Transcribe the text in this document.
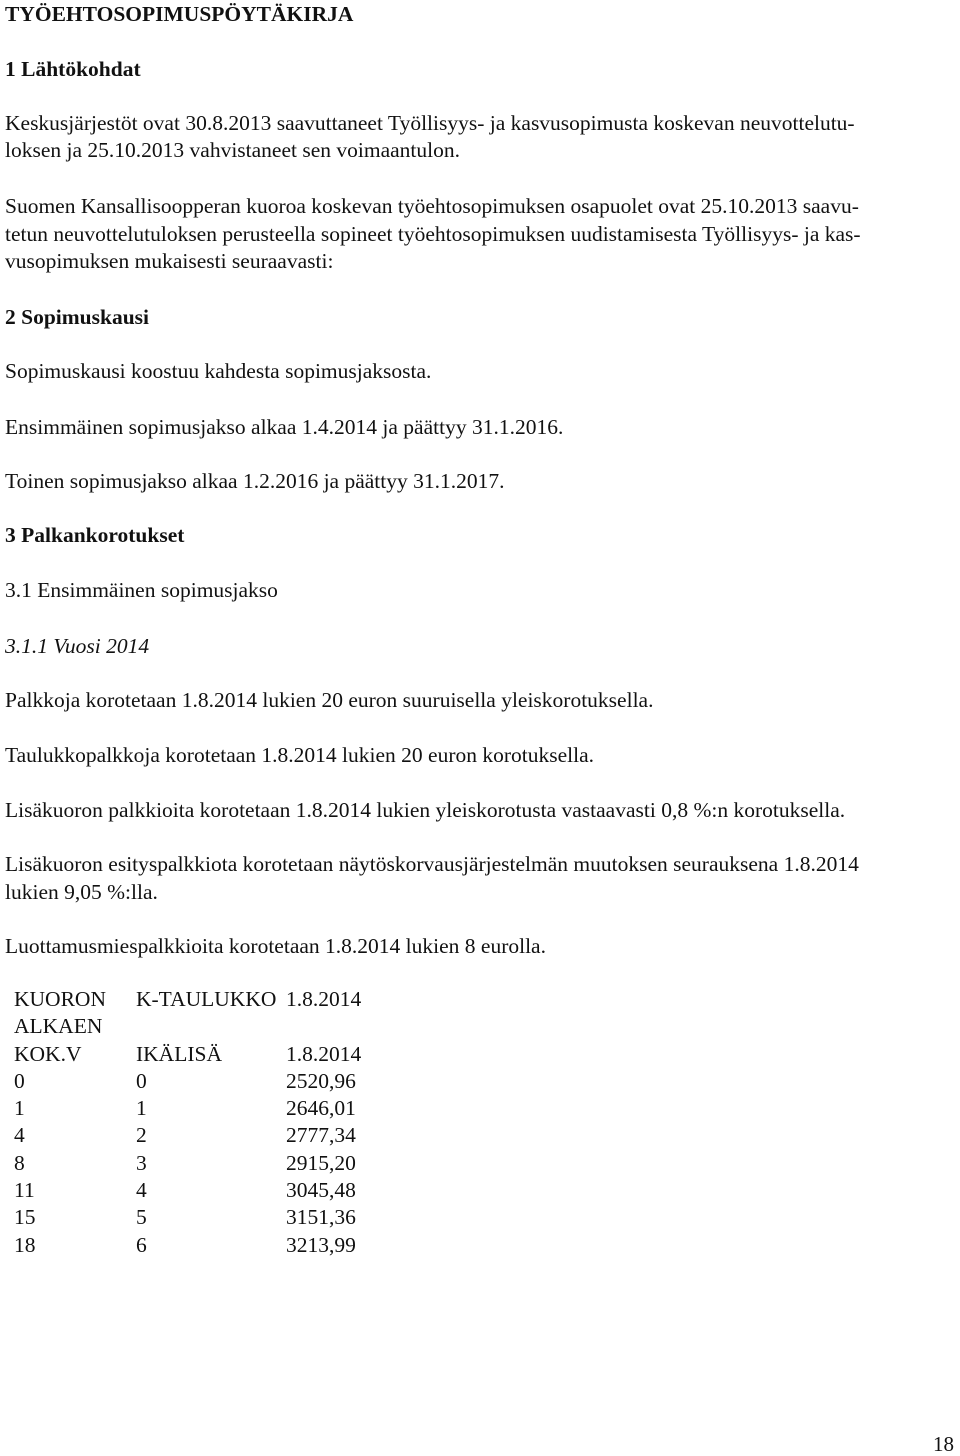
TYÖEHTOSOPIMUSPÖYTÄKIRJA
1 Lähtökohdat

Keskusjärjestöt ovat 30.8.2013 saavuttaneet Työllisyys- ja kasvusopimusta koskevan neuvottelutu-

loksen ja 25.10.2013 vahvistaneet sen voimaantulon.

Suomen Kansallisoopperan kuoroa koskevan työehtosopimuksen osapuolet ovat 25.10.2013 saavu-

tetun neuvottelutuloksen perusteella sopineet työehtosopimuksen uudistamisesta Työllisyys- ja kas-

vusopimuksen mukaisesti seuraavasti:

2 Sopimuskausi

Sopimuskausi koostuu kahdesta sopimusjaksosta.

Ensimmäinen sopimusjakso alkaa 1.4.2014 ja päättyy 31.1.2016.

Toinen sopimusjakso alkaa 1.2.2016 ja päättyy 31.1.2017.

3 Palkankorotukset

3.1 Ensimmäinen sopimusjakso

3.1.1 Vuosi 2014

Palkkoja korotetaan 1.8.2014 lukien 20 euron suuruisella yleiskorotuksella.

Taulukkopalkkoja korotetaan 1.8.2014 lukien 20 euron korotuksella.

Lisäkuoron palkkioita korotetaan 1.8.2014 lukien yleiskorotusta vastaavasti 0,8 %:n korotuksella.

Lisäkuoron esityspalkkiota korotetaan näytöskorvausjärjestelmän muutoksen seurauksena 1.8.2014

lukien 9,05 %:lla.

Luottamusmiespalkkioita korotetaan 1.8.2014 lukien 8 eurolla.

KUORON	K-TAULUKKO 1.8.2014
ALKAEN
KOK.V	IKÄLISÄ	1.8.2014
0	0	2520,96
1	1	2646,01
4	2	2777,34
8	3	2915,20
11	4	3045,48
15	5	3151,36
18	6	3213,99
18
